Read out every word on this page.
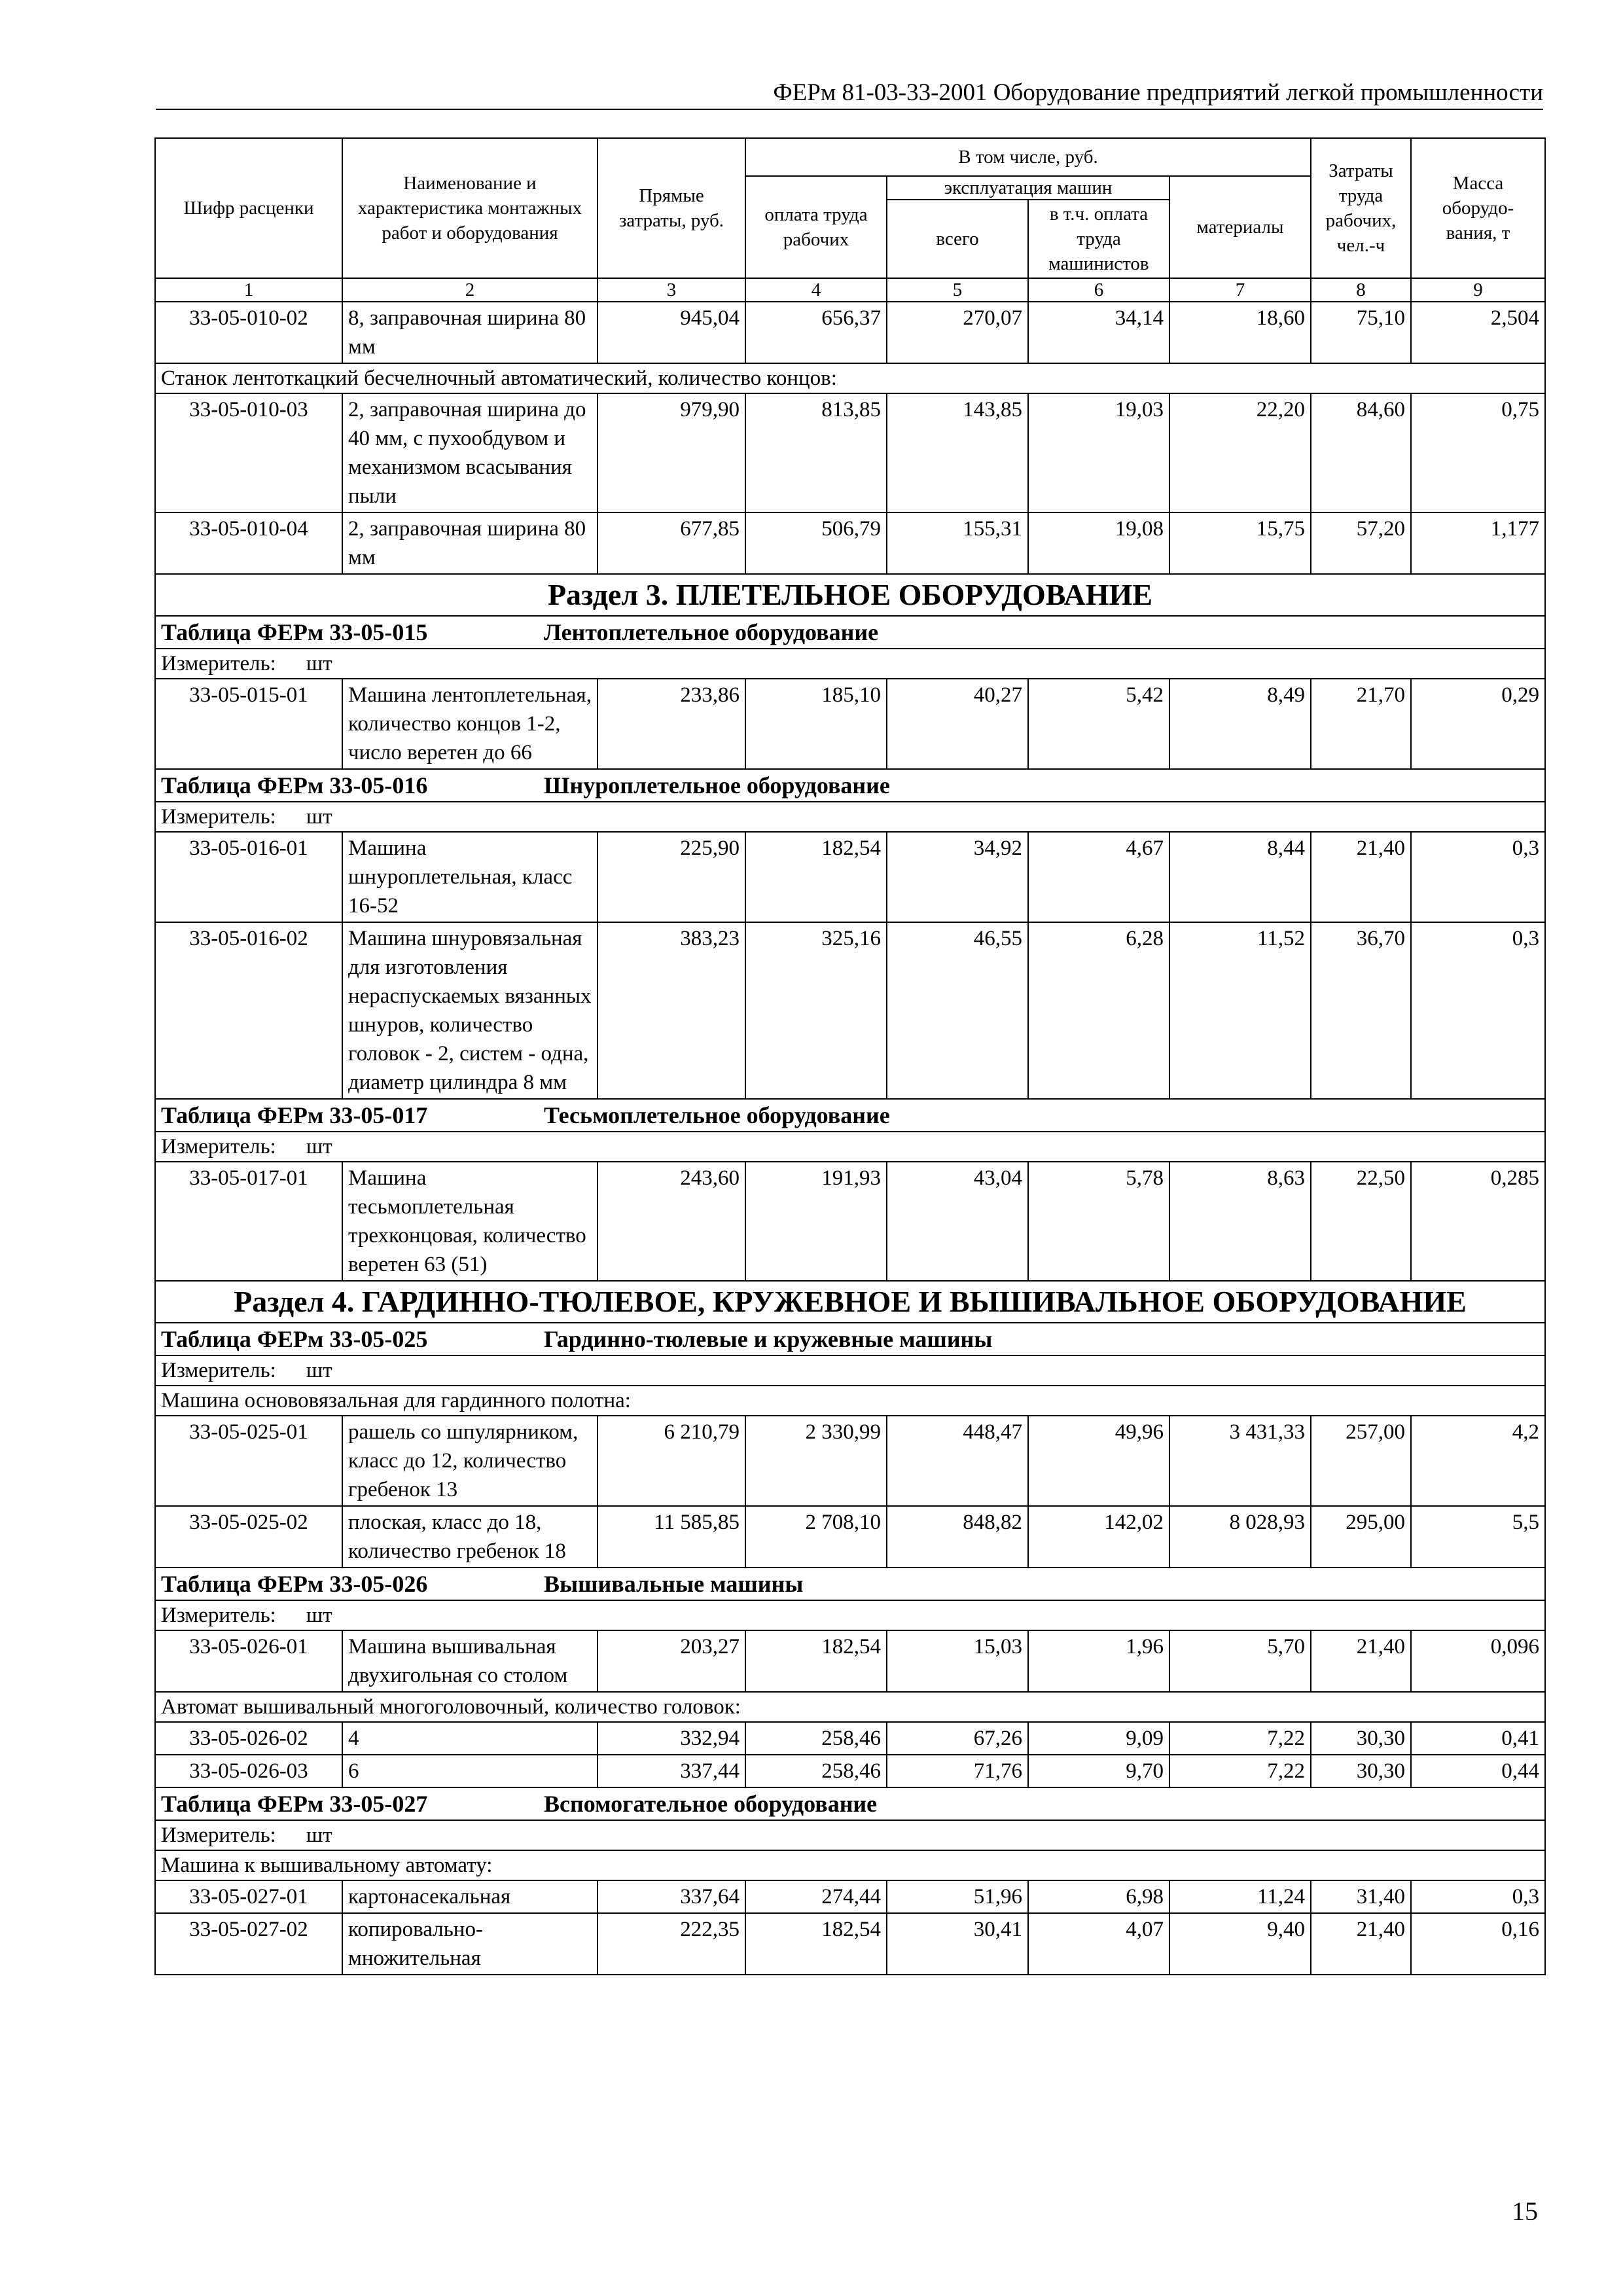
ФЕРм 81-03-33-2001 Оборудование предприятий легкой промышленности
Шифр расценки	Наименование и характеристика монтажных работ и оборудования	Прямые затраты, руб.	В том числе, руб.				Затраты труда рабочих, чел.-ч	Масса оборудо-вания, т
			оплата труда рабочих	эксплуатация машин		материалы		
				всего	в т.ч. оплата труда машинистов			
1	2	3	4	5	6	7	8	9
33-05-010-02	8, заправочная ширина 80 мм	945,04	656,37	270,07	34,14	18,60	75,10	2,504
Станок лентоткацкий бесчелночный автоматический, количество концов:								
33-05-010-03	2, заправочная ширина до 40 мм, с пухообдувом и механизмом всасывания пыли	979,90	813,85	143,85	19,03	22,20	84,60	0,75
33-05-010-04	2, заправочная ширина 80 мм	677,85	506,79	155,31	19,08	15,75	57,20	1,177
Раздел 3. ПЛЕТЕЛЬНОЕ ОБОРУДОВАНИЕ								
Таблица ФЕРм 33-05-015 Лентоплетельное оборудование								
Измеритель: шт								
33-05-015-01	Машина лентоплетельная, количество концов 1-2, число веретен до 66	233,86	185,10	40,27	5,42	8,49	21,70	0,29
Таблица ФЕРм 33-05-016 Шнуроплетельное оборудование								
Измеритель: шт								
33-05-016-01	Машина шнуроплетельная, класс 16-52	225,90	182,54	34,92	4,67	8,44	21,40	0,3
33-05-016-02	Машина шнуровязальная для изготовления нераспускаемых вязанных шнуров, количество головок - 2, систем - одна, диаметр цилиндра 8 мм	383,23	325,16	46,55	6,28	11,52	36,70	0,3
Таблица ФЕРм 33-05-017 Тесьмоплетельное оборудование								
Измеритель: шт								
33-05-017-01	Машина тесьмоплетельная трехконцовая, количество веретен 63 (51)	243,60	191,93	43,04	5,78	8,63	22,50	0,285
Раздел 4. ГАРДИННО-ТЮЛЕВОЕ, КРУЖЕВНОЕ И ВЫШИВАЛЬНОЕ ОБОРУДОВАНИЕ								
Таблица ФЕРм 33-05-025 Гардинно-тюлевые и кружевные машины								
Измеритель: шт								
Машина основовязальная для гардинного полотна:								
33-05-025-01	рашель со шпулярником, класс до 12, количество гребенок 13	6 210,79	2 330,99	448,47	49,96	3 431,33	257,00	4,2
33-05-025-02	плоская, класс до 18, количество гребенок 18	11 585,85	2 708,10	848,82	142,02	8 028,93	295,00	5,5
Таблица ФЕРм 33-05-026 Вышивальные машины								
Измеритель: шт								
33-05-026-01	Машина вышивальная двухигольная со столом	203,27	182,54	15,03	1,96	5,70	21,40	0,096
Автомат вышивальный многоголовочный, количество головок:								
33-05-026-02	4	332,94	258,46	67,26	9,09	7,22	30,30	0,41
33-05-026-03	6	337,44	258,46	71,76	9,70	7,22	30,30	0,44
Таблица ФЕРм 33-05-027 Вспомогательное оборудование								
Измеритель: шт								
Машина к вышивальному автомату:								
33-05-027-01	картонасекальная	337,64	274,44	51,96	6,98	11,24	31,40	0,3
33-05-027-02	копировально-множительная	222,35	182,54	30,41	4,07	9,40	21,40	0,16
15
